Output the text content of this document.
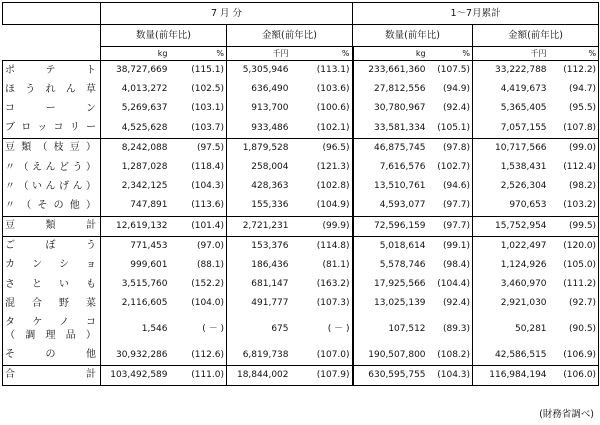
	7 月 分				1～7月累計			
	数量(前年比)		金額(前年比)		数量(前年比)		金額(前年比)	
	kg	%	千円	%	kg	%	千円	%
ポテト	38,727,669	(115.1)	5,305,946	(113.1)	233,661,360	(107.5)	33,222,788	(112.2)
ほうれん草	4,013,272	(102.5)	636,490	(103.6)	27,812,556	(94.9)	4,419,673	(94.7)
コーン	5,269,637	(103.1)	913,700	(100.6)	30,780,967	(92.4)	5,365,405	(95.5)
ブロッコリー	4,525,628	(103.7)	933,486	(102.1)	33,581,334	(105.1)	7,057,155	(107.8)
豆類（枝豆）	8,242,088	(97.5)	1,879,528	(96.5)	46,875,745	(97.8)	10,717,566	(99.0)
〃（えんどう）	1,287,028	(118.4)	258,004	(121.3)	7,616,576	(102.7)	1,538,431	(112.4)
〃（いんげん）	2,342,125	(104.3)	428,363	(102.8)	13,510,761	(94.6)	2,526,304	(98.2)
〃（その他）	747,891	(113.6)	155,336	(104.9)	4,593,077	(97.7)	970,653	(103.2)
豆類計	12,619,132	(101.4)	2,721,231	(99.9)	72,596,159	(97.7)	15,752,954	(99.5)
ごぼう	771,453	(97.0)	153,376	(114.8)	5,018,614	(99.1)	1,022,497	(120.0)
カンショ	999,601	(88.1)	186,436	(81.1)	5,578,746	(98.4)	1,124,926	(105.0)
さといも	3,515,760	(152.2)	681,147	(163.2)	17,925,566	(104.4)	3,460,970	(111.2)
混合野菜	2,116,605	(104.0)	491,777	(107.3)	13,025,139	(92.4)	2,921,030	(92.7)

タケノコ
（調理品）	1,546	( － )	675	( － )	107,512	(89.3)	50,281	(90.5)
その他	30,932,286	(112.6)	6,819,738	(107.0)	190,507,800	(108.2)	42,586,515	(106.9)
合計	103,492,589	(111.0)	18,844,002	(107.9)	630,595,755	(104.3)	116,984,194	(106.0)
(財務省調べ)
